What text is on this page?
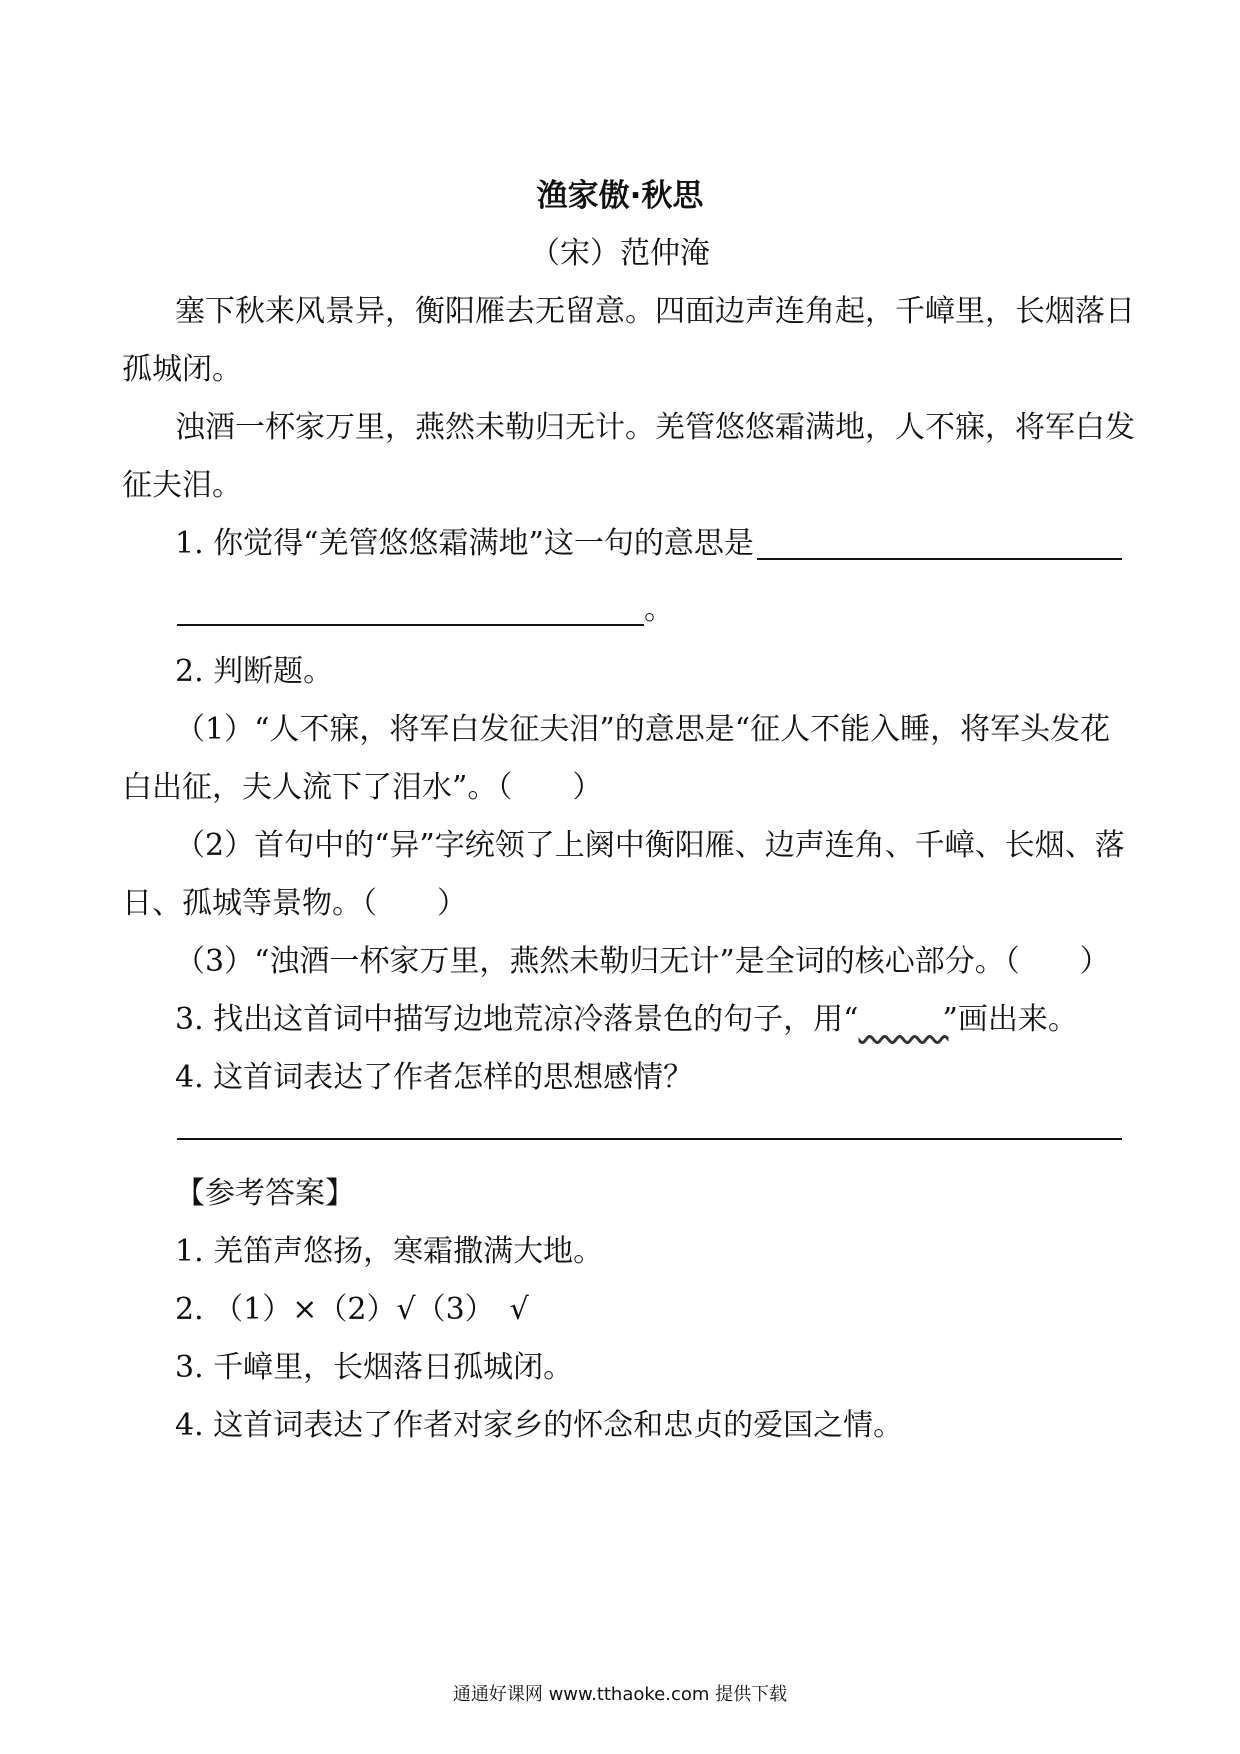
渔家傲·秋思
（宋）范仲淹
塞下秋来风景异，衡阳雁去无留意。四面边声连角起，千嶂里，长烟落日
孤城闭。
浊酒一杯家万里，燕然未勒归无计。羌管悠悠霜满地，人不寐，将军白发
征夫泪。
1. 你觉得“羌管悠悠霜满地”这一句的意思是
。
2. 判断题。
（1）“人不寐，将军白发征夫泪”的意思是“征人不能入睡，将军头发花
白出征，夫人流下了泪水”。（　　）
（2）首句中的“异”字统领了上阕中衡阳雁、边声连角、千嶂、长烟、落
日、孤城等景物。（　　）
（3）“浊酒一杯家万里，燕然未勒归无计”是全词的核心部分。（　　）
3. 找出这首词中描写边地荒凉冷落景色的句子，用“　　　	”画出来。
4. 这首词表达了作者怎样的思想感情？
【参考答案】
1. 羌笛声悠扬，寒霜撒满大地。
2. （1）×（2）√（3）　√
3. 千嶂里，长烟落日孤城闭。
4. 这首词表达了作者对家乡的怀念和忠贞的爱国之情。
通通好课网 www.tthaoke.com 提供下载
